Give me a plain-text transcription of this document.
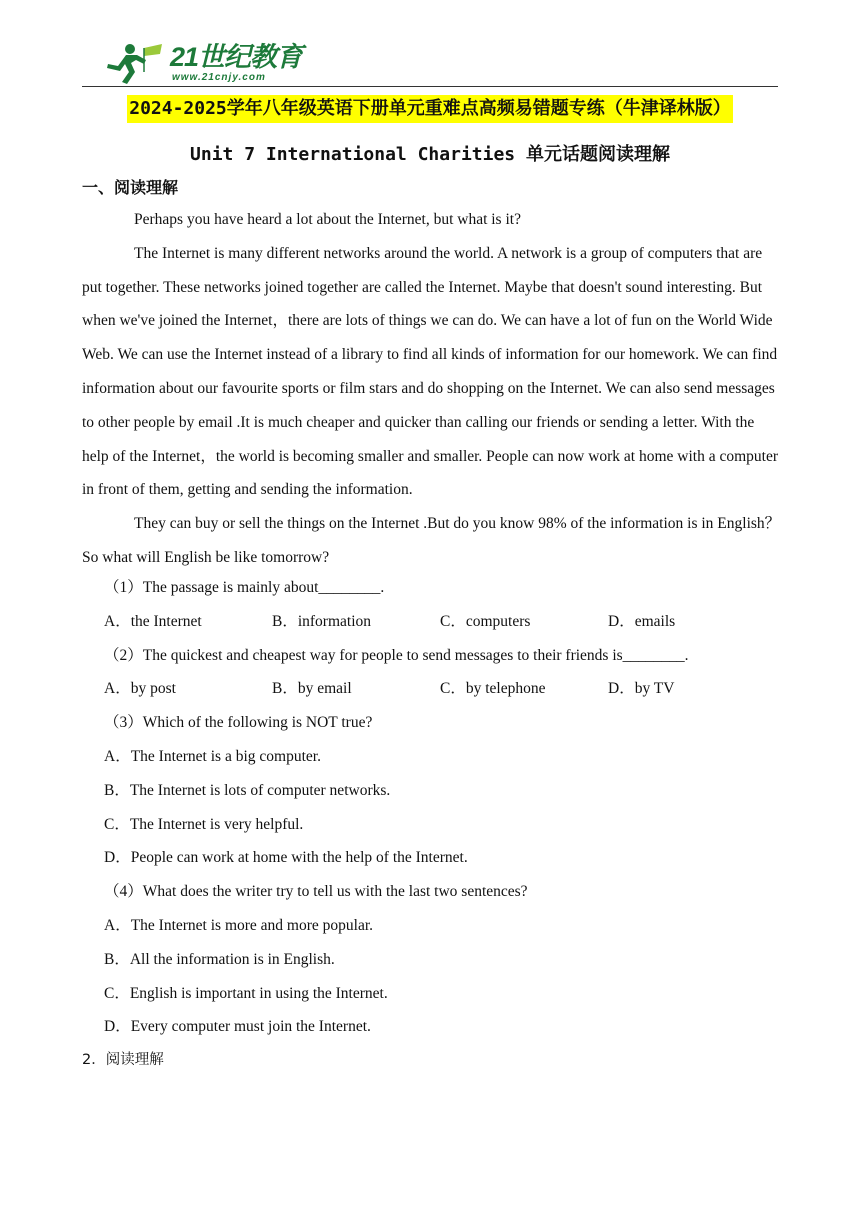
21世纪教育
www.21cnjy.com
2024-2025学年八年级英语下册单元重难点高频易错题专练（牛津译林版）
Unit 7 International Charities 单元话题阅读理解
一、阅读理解

Perhaps you have heard a lot about the Internet, but what is it?

The Internet is many different networks around the world. A network is a group of computers that are put together. These networks joined together are called the Internet. Maybe that doesn't sound interesting. But when we've joined the Internet，there are lots of things we can do. We can have a lot of fun on the World Wide Web. We can use the Internet instead of a library to find all kinds of information for our homework. We can find information about our favourite sports or film stars and do shopping on the Internet. We can also send messages to other people by email .It is much cheaper and quicker than calling our friends or sending a letter. With the help of the Internet，the world is becoming smaller and smaller. People can now work at home with a computer in front of them, getting and sending the information.

They can buy or sell the things on the Internet .But do you know 98% of the information is in English？So what will English be like tomorrow?

（1）The passage is mainly about________.
A．the Internet	B．information	C．computers	D．emails
（2）The quickest and cheapest way for people to send messages to their friends is________.
A．by post	B．by email	C．by telephone	D．by TV
（3）Which of the following is NOT true?
A．The Internet is a big computer.
B．The Internet is lots of computer networks.
C．The Internet is very helpful.
D．People can work at home with the help of the Internet.
（4）What does the writer try to tell us with the last two sentences?
A．The Internet is more and more popular.
B．All the information is in English.
C．English is important in using the Internet.
D．Every computer must join the Internet.
2．阅读理解
